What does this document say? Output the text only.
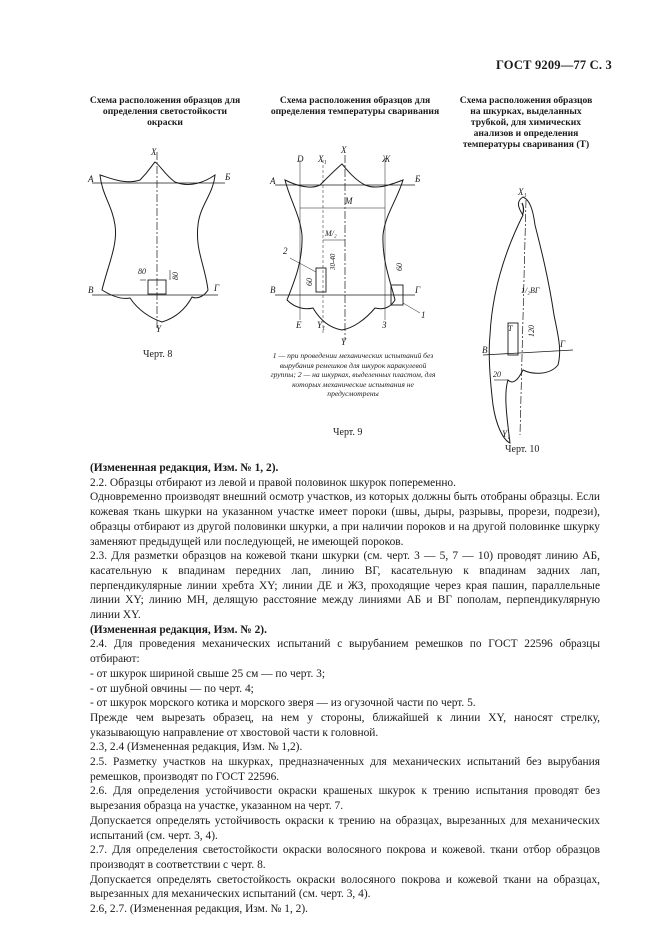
ГОСТ 9209—77 С. 3
Схема расположения образцов для определения светостойкости окраски
X
А	Б
В	Г
Y
80	80
Черт. 8
Схема расположения образцов для определения температуры сваривания
D X₁
X
Ж
А	Б
М
В	Г
Е Y₁
Y
З
M/₂
30-40
60
60
2
1
1 — при проведении механических испытаний без вырубания ремешков для шкурок каракулевой группы; 2 — на шкурках, выделенных пластом, для которых механические испытания не предусмотрены
Черт. 9
Схема расположения образцов на шкурках, выделанных трубкой, для химических анализов и определения температуры сваривания (Т)
X₁
В
Г
T
Y₁
1/₂ВГ
120
20
Черт. 10

(Измененная редакция, Изм. № 1, 2).

2.2. Образцы отбирают из левой и правой половинок шкурок попеременно.

Одновременно производят внешний осмотр участков, из которых должны быть отобраны образцы. Если кожевая ткань шкурки на указанном участке имеет пороки (швы, дыры, разрывы, прорези, подрези), образцы отбирают из другой половинки шкурки, а при наличии пороков и на другой половинке шкурку заменяют предыдущей или последующей, не имеющей пороков.

2.3. Для разметки образцов на кожевой ткани шкурки (см. черт. 3 — 5, 7 — 10) проводят линию АБ, касательную к впадинам передних лап, линию ВГ, касательную к впадинам задних лап, перпендикулярные линии хребта XY; линии ДЕ и ЖЗ, проходящие через края пашин, параллельные линии XY; линию МН, делящую расстояние между линиями АБ и ВГ пополам, перпендикулярную линии XY.

(Измененная редакция, Изм. № 2).

2.4. Для проведения механических испытаний с вырубанием ремешков по ГОСТ 22596 образцы отбирают:

- от шкурок шириной свыше 25 см — по черт. 3;

- от шубной овчины — по черт. 4;

- от шкурок морского котика и морского зверя — из огузочной части по черт. 5.

Прежде чем вырезать образец, на нем у стороны, ближайшей к линии XY, наносят стрелку, указывающую направление от хвостовой части к головной.

2.3, 2.4 (Измененная редакция, Изм. № 1,2).

2.5. Разметку участков на шкурках, предназначенных для механических испытаний без вырубания ремешков, производят по ГОСТ 22596.

2.6. Для определения устойчивости окраски крашеных шкурок к трению испытания проводят без вырезания образца на участке, указанном на черт. 7.

Допускается определять устойчивость окраски к трению на образцах, вырезанных для механических испытаний (см. черт. 3, 4).

2.7. Для определения светостойкости окраски волосяного покрова и кожевой. ткани отбор образцов производят в соответствии с черт. 8.

Допускается определять светостойкость окраски волосяного покрова и кожевой ткани на образцах, вырезанных для механических испытаний (см. черт. 3, 4).

2.6, 2.7. (Измененная редакция, Изм. № 1, 2).
